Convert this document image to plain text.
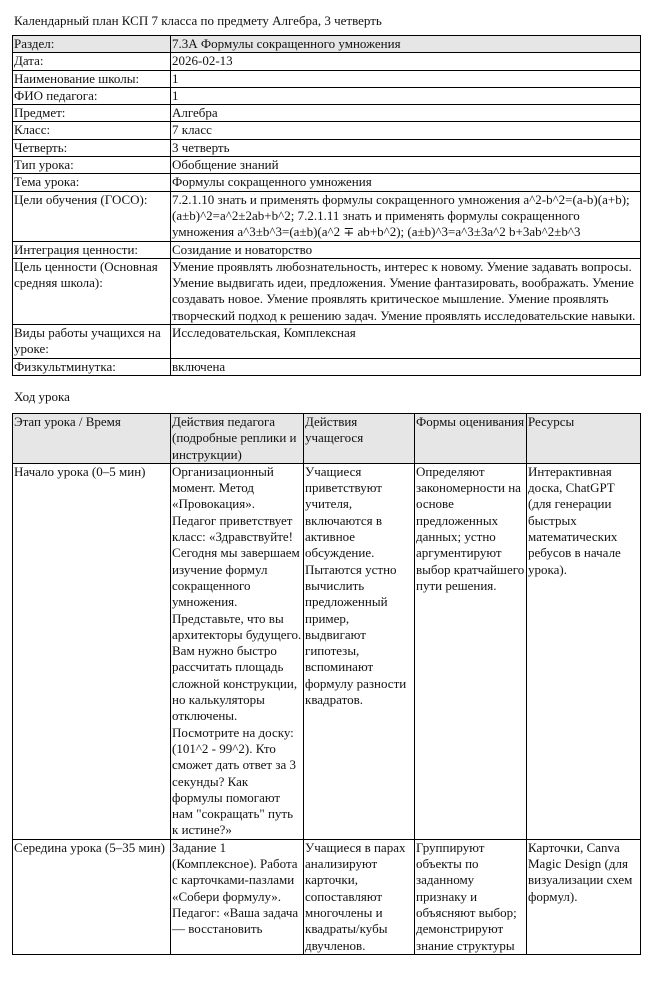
Календарный план КСП 7 класса по предмету Алгебра, 3 четверть
Раздел:	7.3А Формулы сокращенного умножения
Дата:	2026-02-13
Наименование школы:	1
ФИО педагога:	1
Предмет:	Алгебра
Класс:	7 класс
Четверть:	3 четверть
Тип урока:	Обобщение знаний
Тема урока:	Формулы сокращенного умножения
Цели обучения (ГОСО):	7.2.1.10 знать и применять формулы сокращенного умножения a^2-b^2=(a-b)(a+b); (a±b)^2=a^2±2ab+b^2; 7.2.1.11 знать и применять формулы сокращенного умножения a^3±b^3=(a±b)(a^2 ∓ ab+b^2); (a±b)^3=a^3±3a^2 b+3ab^2±b^3
Интеграция ценности:	Созидание и новаторство
Цель ценности (Основная средняя школа):	Умение проявлять любознательность, интерес к новому. Умение задавать вопросы. Умение выдвигать идеи, предложения. Умение фантазировать, воображать. Умение создавать новое. Умение проявлять критическое мышление. Умение проявлять творческий подход к решению задач. Умение проявлять исследовательские навыки.
Виды работы учащихся на уроке:	Исследовательская, Комплексная
Физкультминутка:	включена
Ход урока
Этап урока / Время	Действия педагога (подробные реплики и инструкции)	Действия учащегося	Формы оценивания	Ресурсы
Начало урока (0–5 мин)	Организационный момент. Метод «Провокация». Педагог приветствует класс: «Здравствуйте! Сегодня мы завершаем изучение формул сокращенного умножения. Представьте, что вы архитекторы будущего. Вам нужно быстро рассчитать площадь сложной конструкции, но калькуляторы отключены. Посмотрите на доску: (101^2 - 99^2). Кто сможет дать ответ за 3 секунды? Как формулы помогают нам "сокращать" путь к истине?»	Учащиеся приветствуют учителя, включаются в активное обсуждение. Пытаются устно вычислить предложенный пример, выдвигают гипотезы, вспоминают формулу разности квадратов.	Определяют закономерности на основе предложенных данных; устно аргументируют выбор кратчайшего пути решения.	Интерактивная доска, ChatGPT (для генерации быстрых математических ребусов в начале урока).
Середина урока (5–35 мин)	Задание 1 (Комплексное). Работа с карточками-пазлами «Собери формулу». Педагог: «Ваша задача — восстановить	Учащиеся в парах анализируют карточки, сопоставляют многочлены и квадраты/кубы двучленов.	Группируют объекты по заданному признаку и объясняют выбор; демонстрируют знание структуры	Карточки, Canva Magic Design (для визуализации схем формул).
